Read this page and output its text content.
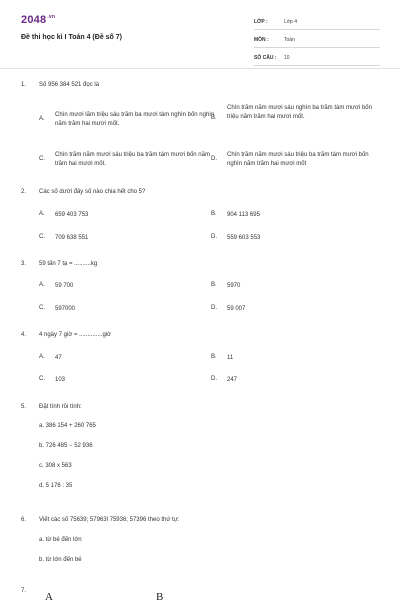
$2048^{.vn}$
Đề thi học kì I Toán 4 (Đề số 7)
LỚP :	Lớp 4
MÔN :	Toán
SỐ CÂU :	10
1. Số 956 384 521 đọc là
A.
Chín mươi lăm triệu sáu trăm ba mươi tám nghìn bốn nghìn năm trăm hai mươi mốt.
B.
Chín trăm năm mươi sáu nghìn ba trăm tám mươi bốn triệu năm trăm hai mươi mốt.
C.
Chín trăm năm mươi sáu triệu ba trăm tám mươi bốn năm trăm hai mươi mốt.
D.
Chín trăm năm mươi sáu triệu ba trăm tám mươi bốn nghìn năm trăm hai mươi mốt
2. Các số dưới đây số nào chia hết cho 5?
A. 659 403 753	B. 904 113 695
C. 709 638 551	D. 559 603 553
3. 59 tấn 7 tạ = ..........kg
A. 59 700	B. 5970
C. 597000	D. 59 007
4. 4 ngày 7 giờ = ..............giờ
A. 47	B. 11
C. 103	D. 247
5. Đặt tính rồi tính:
a. 386 154 + 260 765
b. 726 485 − 52 936
c. 308 x 563
d. 5 176 : 35
6. Viết các số 75639; 57963l 75936; 57396 theo thứ tự:
a. từ bé đến lớn
b. từ lớn đến bé
7. A	B
